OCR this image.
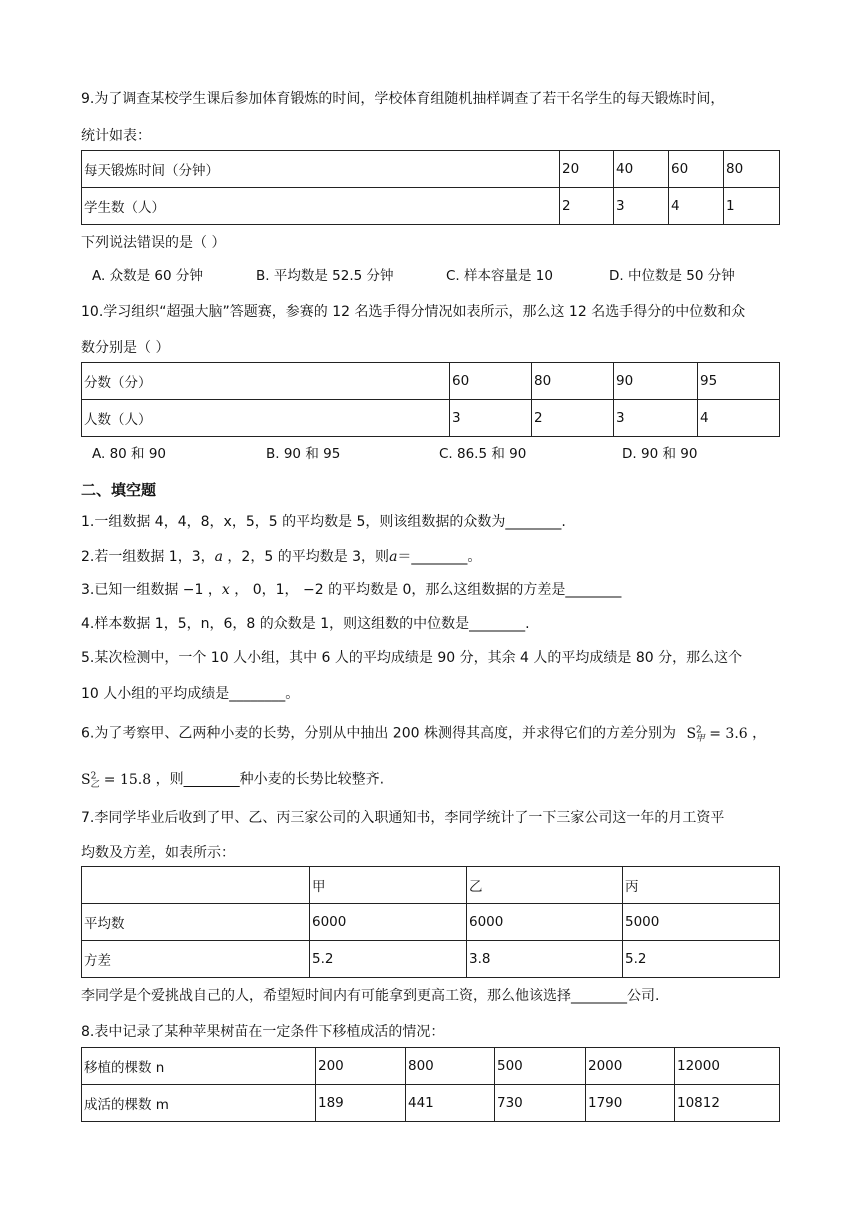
9.为了调查某校学生课后参加体育锻炼的时间，学校体育组随机抽样调查了若干名学生的每天锻炼时间，
统计如表：
每天锻炼时间（分钟）	20	40	60	80
学生数（人）	2	3	4	1
下列说法错误的是（ ）
A. 众数是 60 分钟	B. 平均数是 52.5 分钟	C. 样本容量是 10	D. 中位数是 50 分钟
10.学习组织“超强大脑”答题赛，参赛的 12 名选手得分情况如表所示，那么这 12 名选手得分的中位数和众
数分别是（ ）
分数（分）	60	80	90	95
人数（人）	3	2	3	4
A. 80 和 90	B. 90 和 95	C. 86.5 和 90	D. 90 和 90
二、填空题
1.一组数据 4，4，8，x，5，5 的平均数是 5，则该组数据的众数为________.
2.若一组数据 1，3，a ，2，5 的平均数是 3，则a＝________。
3.已知一组数据 −1 ，x ， 0，1， −2 的平均数是 0，那么这组数据的方差是________
4.样本数据 1，5，n，6，8 的众数是 1，则这组数的中位数是________.
5.某次检测中，一个 10 人小组，其中 6 人的平均成绩是 90 分，其余 4 人的平均成绩是 80 分，那么这个
10 人小组的平均成绩是________。
6.为了考察甲、乙两种小麦的长势，分别从中抽出 200 株测得其高度，并求得它们的方差分别为 $S^2_甲 = 3.6$ ，
$S^2_乙 = 15.8$ ，则________种小麦的长势比较整齐.
7.李同学毕业后收到了甲、乙、丙三家公司的入职通知书，李同学统计了一下三家公司这一年的月工资平
均数及方差，如表所示：
	甲	乙	丙
平均数	6000	6000	5000
方差	5.2	3.8	5.2
李同学是个爱挑战自己的人，希望短时间内有可能拿到更高工资，那么他该选择________公司.
8.表中记录了某种苹果树苗在一定条件下移植成活的情况：
移植的棵数 n	200	800	500	2000	12000
成活的棵数 m	189	441	730	1790	10812
